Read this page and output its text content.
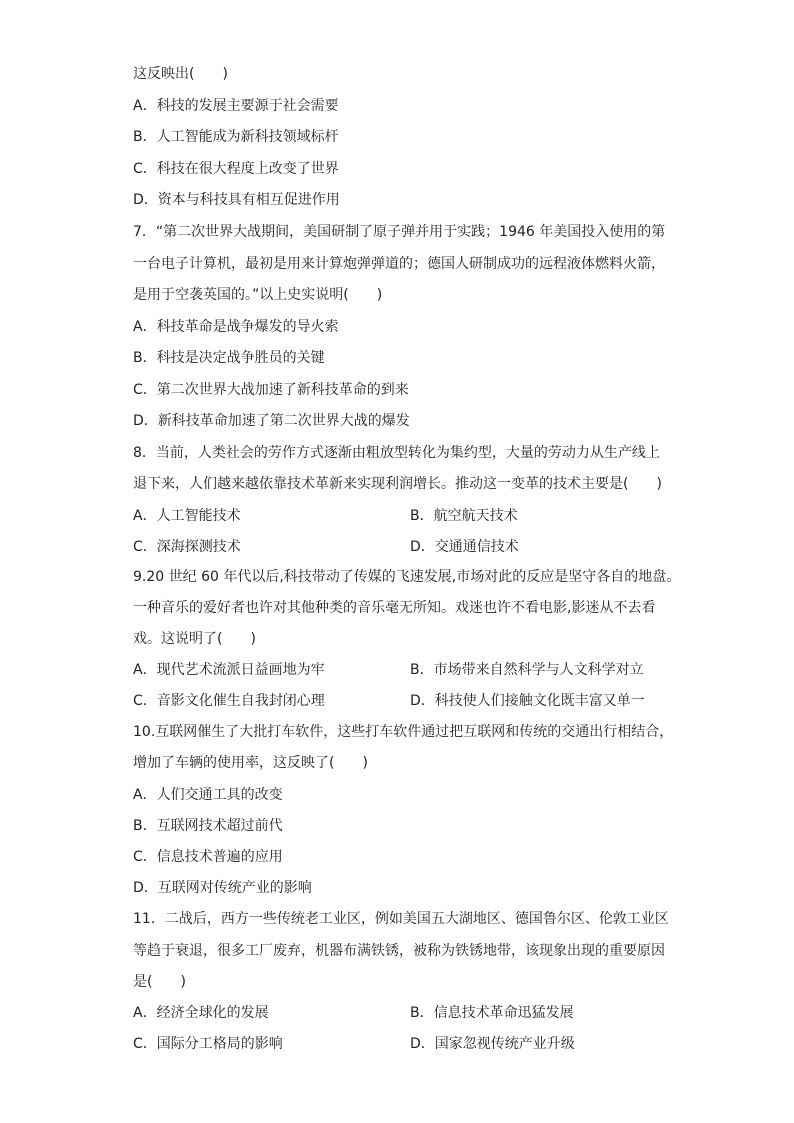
这反映出(　　)
A．科技的发展主要源于社会需要
B．人工智能成为新科技领域标杆
C．科技在很大程度上改变了世界
D．资本与科技具有相互促进作用
7．“第二次世界大战期间，美国研制了原子弹并用于实践；1946 年美国投入使用的第
一台电子计算机，最初是用来计算炮弹弹道的；德国人研制成功的远程液体燃料火箭，
是用于空袭英国的。”以上史实说明(　　)
A．科技革命是战争爆发的导火索
B．科技是决定战争胜员的关键
C．第二次世界大战加速了新科技革命的到来
D．新科技革命加速了第二次世界大战的爆发
8．当前，人类社会的劳作方式逐渐由粗放型转化为集约型，大量的劳动力从生产线上
退下来，人们越来越依靠技术革新来实现利润增长。推动这一变革的技术主要是(　　)
A．人工智能技术	B．航空航天技术
C．深海探测技术	D．交通通信技术
9.20 世纪 60 年代以后,科技带动了传媒的飞速发展,市场对此的反应是坚守各自的地盘。
一种音乐的爱好者也许对其他种类的音乐毫无所知。戏迷也许不看电影,影迷从不去看
戏。这说明了(　　)
A．现代艺术流派日益画地为牢	B．市场带来自然科学与人文科学对立
C．音影文化催生自我封闭心理	D．科技使人们接触文化既丰富又单一
10.互联网催生了大批打车软件，这些打车软件通过把互联网和传统的交通出行相结合，
增加了车辆的使用率，这反映了(　　)
A．人们交通工具的改变
B．互联网技术超过前代
C．信息技术普遍的应用
D．互联网对传统产业的影响
11．二战后，西方一些传统老工业区，例如美国五大湖地区、德国鲁尔区、伦敦工业区
等趋于衰退，很多工厂废弃，机器布满铁锈，被称为铁锈地带，该现象出现的重要原因
是(　　)
A．经济全球化的发展	B．信息技术革命迅猛发展
C．国际分工格局的影响	D．国家忽视传统产业升级
